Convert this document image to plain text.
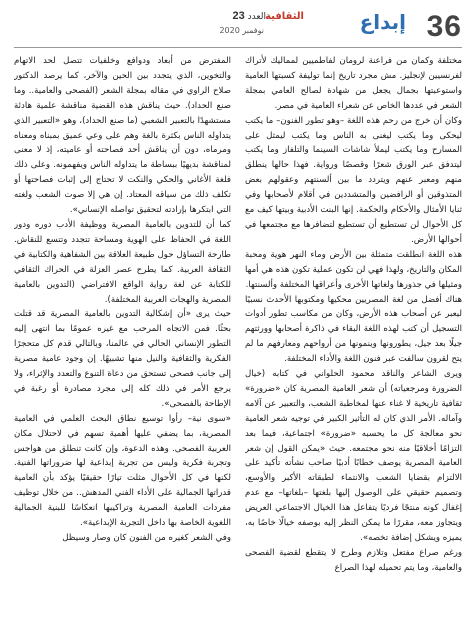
36
إبداع
الثقافية
العدد 23
نوفمبر 2020

مختلفة وكمان من فراعنة لرومان لفاطميين لمماليك لأتراك لفرنسيين لإنجليز. مش مجرد تاريخ إنما توليفة كسبتها العامية واستوعبتها بجمال يجعل من شهادة لصالح العامي بمجلة الشعر في عددها الخاص عن شعراء العامية في مصر.

وكان أن خرج من رحم هذه اللغة –وهو تطور الفنون– ما يكتب ليحكى وما يكتب ليغنى به الناس وما يكتب ليمثل على المسارح وما يكتب ليملأ شاشات السينما والتلفاز وما يكتب ليتدفق عبر الورق شعرًا وقصصًا ورواية. فهذا حالها ينطلق منهم ومعبر عنهم ويتردد ما بين ألسنتهم وعقولهم بعض المتذوقين أو الرافضين والمتشددين في أقلام لأصحابها وفي ثنايا الأمثال والأحكام والحكمة. إنها البنت الأدبية وبيتها كيف مع كل الأحوال لن تستطيع أن تستطيع لتضافرها مع مجتمعها في أحوالها الأرض.

هذه اللغة انطلقت متمثلة بين الأرض وماء النهر هوية ومحبة المكان والتاريخ، ولهذا فهي لن تكون عملية تكون هذه هي أمها ومثيلها في جذورها ولغاتها الأخرى وأعراقها المختلفة وألسنتها.

هناك أفضل من لغة المصريين محكيها ومكتوبها الأحدث نسبيًا ليعبر عن أصحاب هذه الأرض، وكان من مكاسب تطور أدوات التسجيل أن كتب لهذه اللغة البقاء في ذاكرة أصحابها وورثتهم جيلًا بعد جيل، يطورونها وينمونها من أرواحهم ومعارفهم ما لم يتح لقرون سالفت عبر فنون اللغة والأداء المختلفة.

ويرى الشاعر والناقد محمود الحلواني في كتابه (خيال الضرورة ومرجعياته) أن شعر العامية المصرية كان «ضرورة» ثقافية تاريخية لا غناء عنها لمخاطبة الشعب، والتعبير عن آلامه وآماله. الأمر الذي كان له التأثير الكبير في توجيه شعر العامية نحو معالجة كل ما يحسبه «ضرورة» اجتماعية، فيما بعد التزامًا أخلاقيًا منه نحو مجتمعه. حيث «يمكن القول إن شعر العامية المصرية يوصف خطابًا أدبيًا صاحب نشأته تأكيد على الالتزام بقضايا الشعب والانتماء لطبقاته الأكبر والأوسع، وتصميم حقيقي على الوصول إليها بلغتها –بلغاتها– مع عدم إغفال كونه منتجًا فرديًا يتفاعل هذا الخيال الاجتماعي العريض ويتجاوز معه، مقررًا ما يمكن النظر إليه بوصفه خيالًا خاصًا به، يميزه ويشكل إضافة تخصه».

ورغم صراع مفتعل وتلازم وطرح لا يتقطع لقضية الفصحى والعامية، وما يتم تحميله لهذا الصراع

المفترض من أبعاد ودوافع وخلفيات تتصل لحد الاتهام والتخوين، الذي يتجدد بين الحين والآخر، كما يرصد الدكتور صلاح الراوي في مقاله بمجلة الشعر (الفصحى والعامية.. وما صنع الحداد). حيث يناقش هذه القضية مناقشة علمية هادئة مستشهدًا بالتعبير الشعبي (ما صنع الحداد)، وهو «التعبير الذي يتداوله الناس بكثرة بالغة وهم على وعي عميق بمبناه ومعناه ومرماه، دون أن يناقش أحد فصاحته أو عاميته، إذ لا معنى لمناقشة بديهيًا ببساطة ما يتداوله الناس ويفهمونه. وعلى ذلك فلغة الأغاني والحكي والنكت لا تحتاج إلى إثبات فصاحتها أو تكلف ذلك من سياقه المعتاد. إن هي إلا صوت الشعب ولغته التي ابتكرها بإرادته لتحقيق تواصله الإنساني».

كما أن للتدوين بالعامية المصرية ووظيفة الأدب دوره ودور اللغة في الحفاظ على الهوية ومساحة تتجدد وتتسع للنقاش. طارحة التساؤل حول طبيعة العلاقة بين الشفاهية والكتابية في الثقافة العربية. كما يطرح عصر العزلة في الحراك الثقافي للكتابة عن لغة رواية الواقع الافتراضي (التدوين بالعامية المصرية والهجات العربية المختلفة).

حيث يرى «أن إشكالية التدوين بالعامية المصرية قد قتلت بحثًا. فمن الاتجاه المرحب مع غيره عمومًا بما انتهى إليه التطور الإنساني الحالي في عالمنا، وبالتالي قدم كل متحجرًا الفكرية والثقافية والنيل منها تشبيهًا. إن وجود عامية مصرية إلى جانب فصحى تستحق من دعاة التنوع والتعدد والإثراء، ولا يرجع الأمر في ذلك كله إلى مجرد مصادرة أو رغبة في الإطاحة بالفصحى».

«سوى نية– رأوا توسيع نطاق البحث العلمي في العامية المصرية، بما يضفي عليها أهمية تسهم في لاحتلال مكان العربية الفصحى. وهذه الدعوة، وإن كانت تنطلق من هواجس وتجربة فكرية وليس من تجربة إبداعية لها ضروراتها الفنية. لكنها في كل الأحوال مثلت تيارًا حقيقيًا يؤكد بأن العامية قدراتها الجمالية على الأداء الفني المدهش.. من خلال توظيف مفردات العامية المصرية وتراكيبها انعكاسًا للبنية الجمالية اللغوية الخاصة بها داخل التجربة الإبداعية».

وفي الشعر كغيره من الفنون كان وصار وسيظل
